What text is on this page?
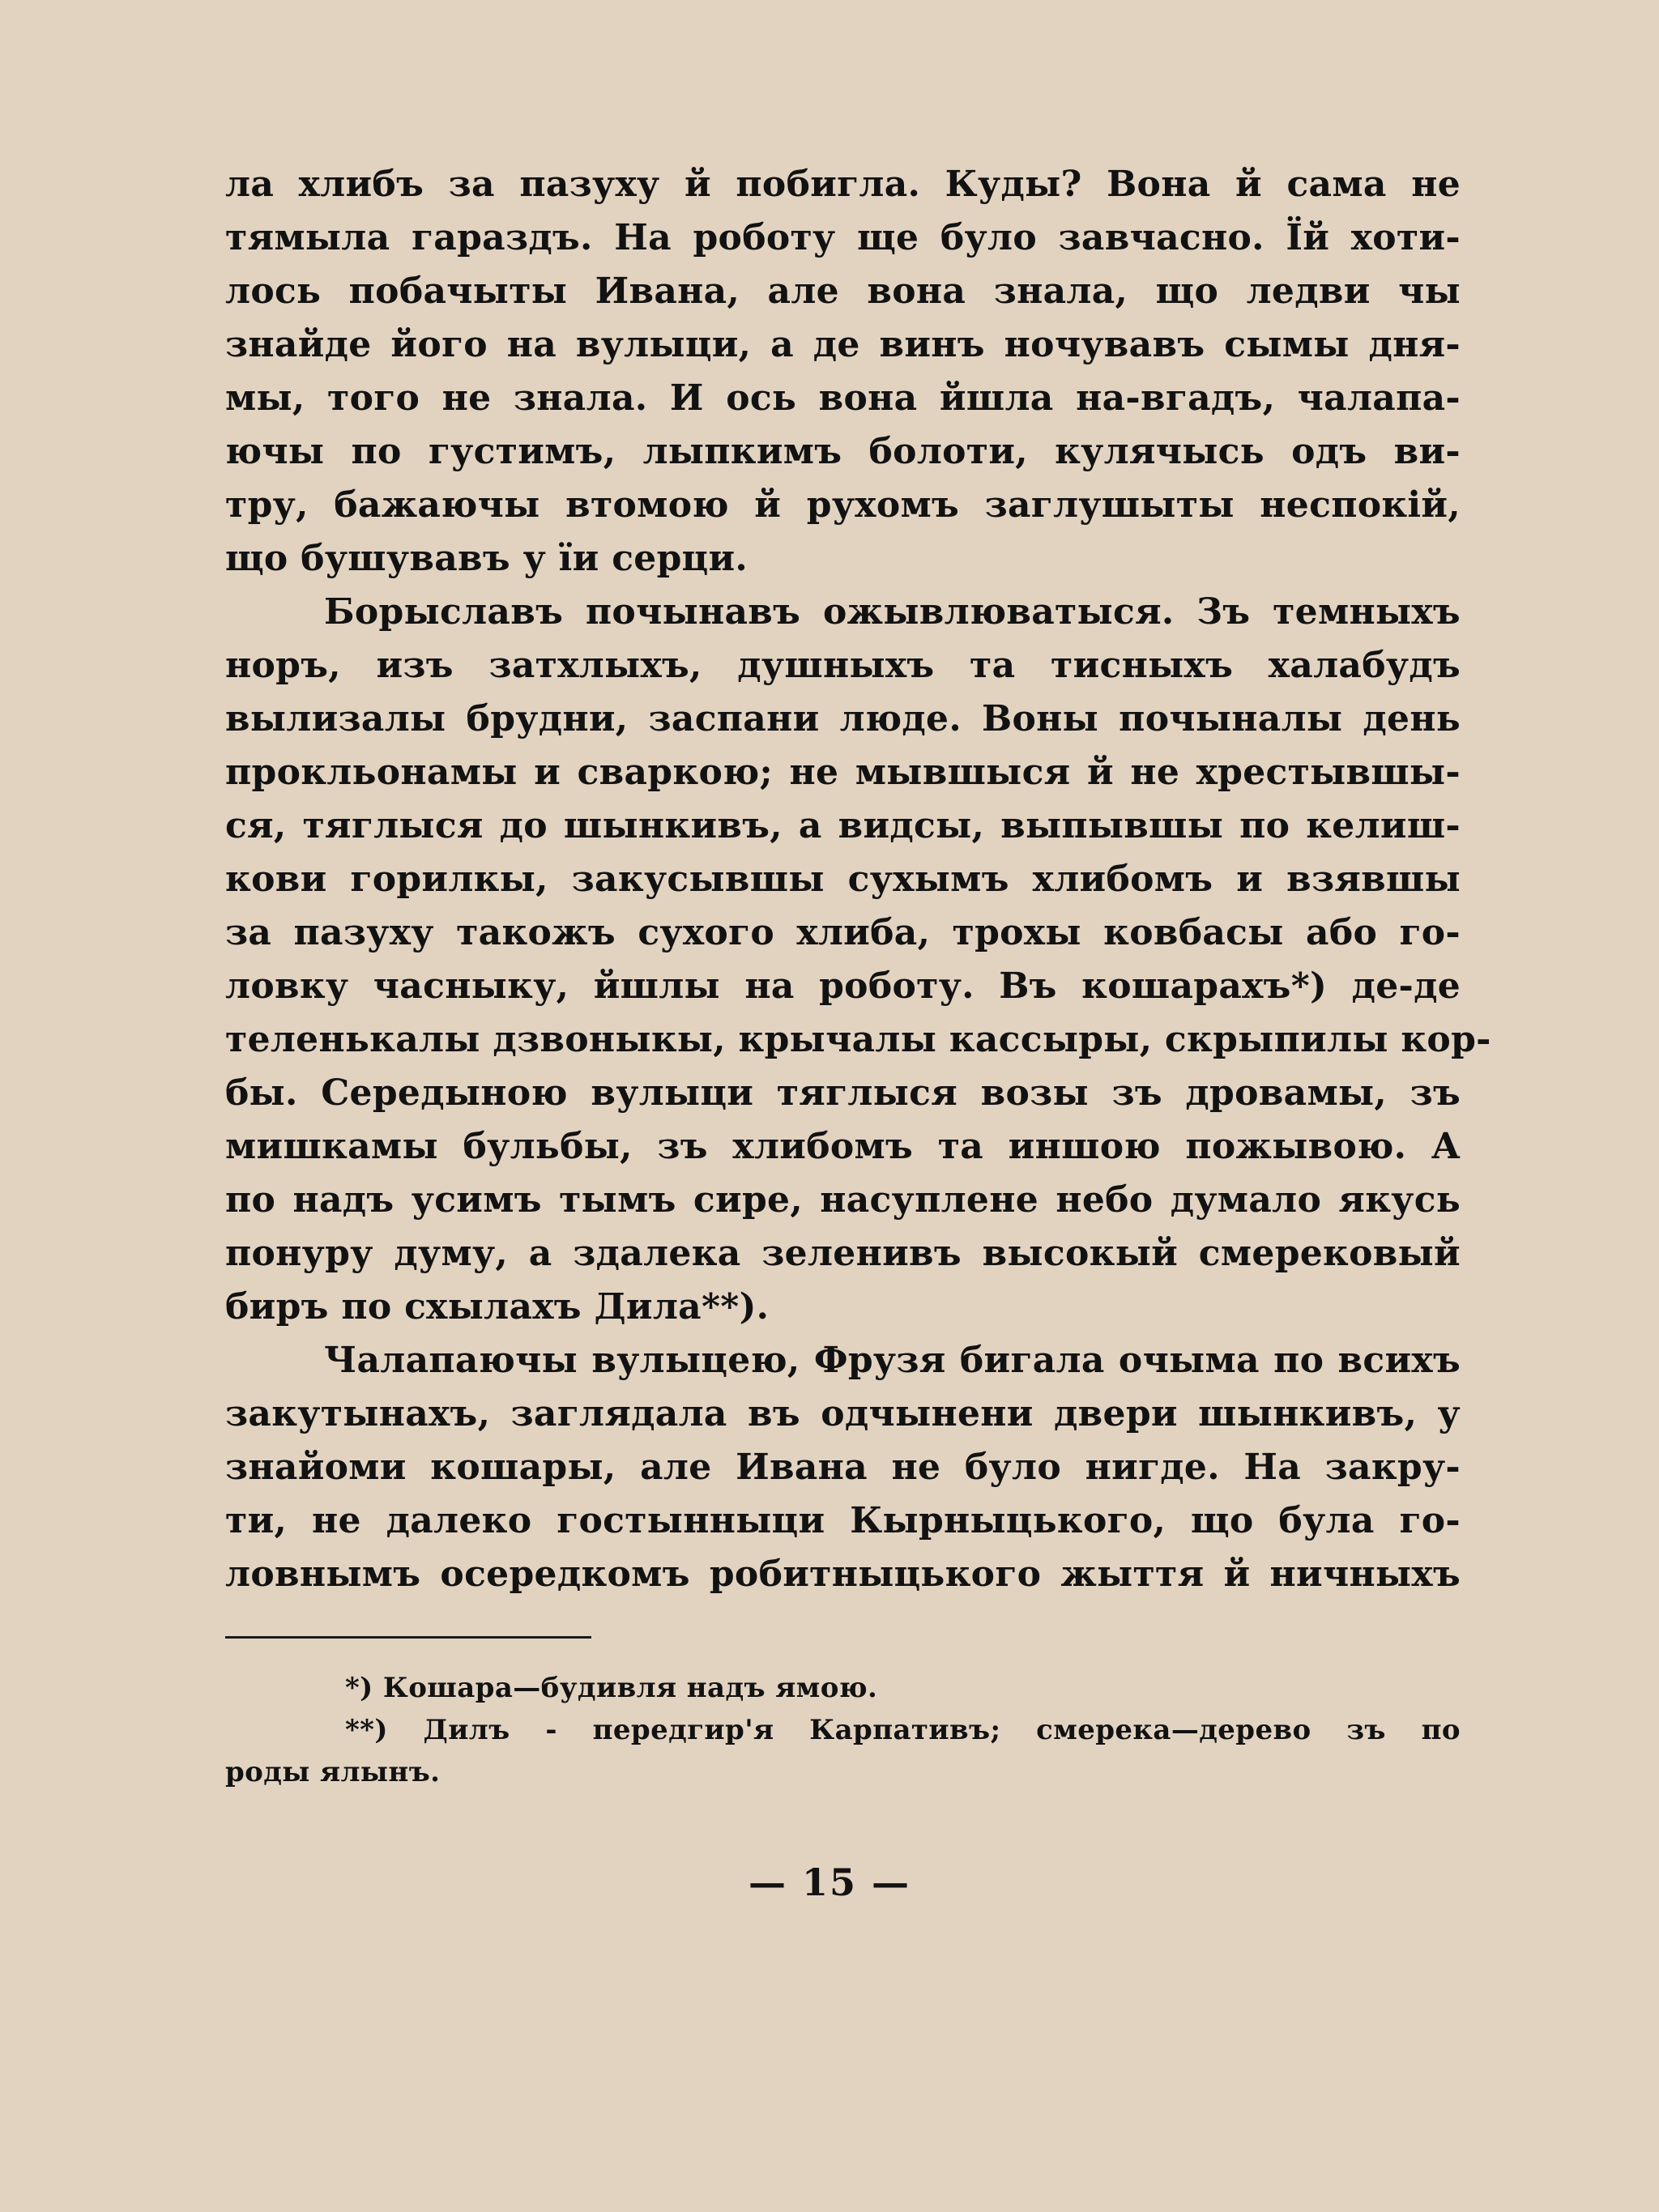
ла хлибъ за пазуху й побигла. Куды? Вона й сама не
тямыла гараздъ. На роботу ще було завчасно. Їй хоти-
лось побачыты Ивана, але вона знала, що ледви чы
знайде його на вулыци, а де винъ ночувавъ сымы дня-
мы, того не знала. И ось вона йшла на-вгадъ, чалапа-
ючы по густимъ, лыпкимъ болоти, кулячысь одъ ви-
тру, бажаючы втомою й рухомъ заглушыты неспокій,
що бушувавъ у ïи серци.
Бoрыславъ почынавъ ожывлюватыся. Зъ темныхъ
норъ, изъ затхлыхъ, душныхъ та тисныхъ халабудъ
вылизалы брудни, заспани люде. Воны почыналы день
прокльонамы и сваркою; не мывшыся й не хрестывшы-
ся, тяглыся до шынкивъ, а видсы, выпывшы по келиш-
кови горилкы, закусывшы сухымъ хлибомъ и взявшы
за пазуху такожъ сухого хлиба, трохы ковбасы або го-
ловку часныку, йшлы на роботу. Въ кошарахъ*) де-де
теленькалы дзвоныкы, крычалы кассыры, скрыпилы кор-
бы. Середыною вулыци тяглыся возы зъ дровамы, зъ
мишкамы бульбы, зъ хлибомъ та иншою пожывою. А
по надъ усимъ тымъ сире, насуплене небо думало якусь
понуру думу, а здалека зеленивъ высокый смерековый
биръ по схылахъ Дила**).
Чалапаючы вулыцею, Фрузя бигала очыма по всихъ
закутынахъ, заглядала въ одчынени двери шынкивъ, у
знайоми кошары, але Ивана не було нигде. На закру-
ти, не далеко гостынныци Кырныцького, що була го-
ловнымъ осередкомъ робитныцького жыття й ничныхъ
*) Кошара—будивля надъ ямою.
**) Дилъ - передгир'я Карпативъ; смерека—дерево зъ по
роды ялынъ.
— 15 —
